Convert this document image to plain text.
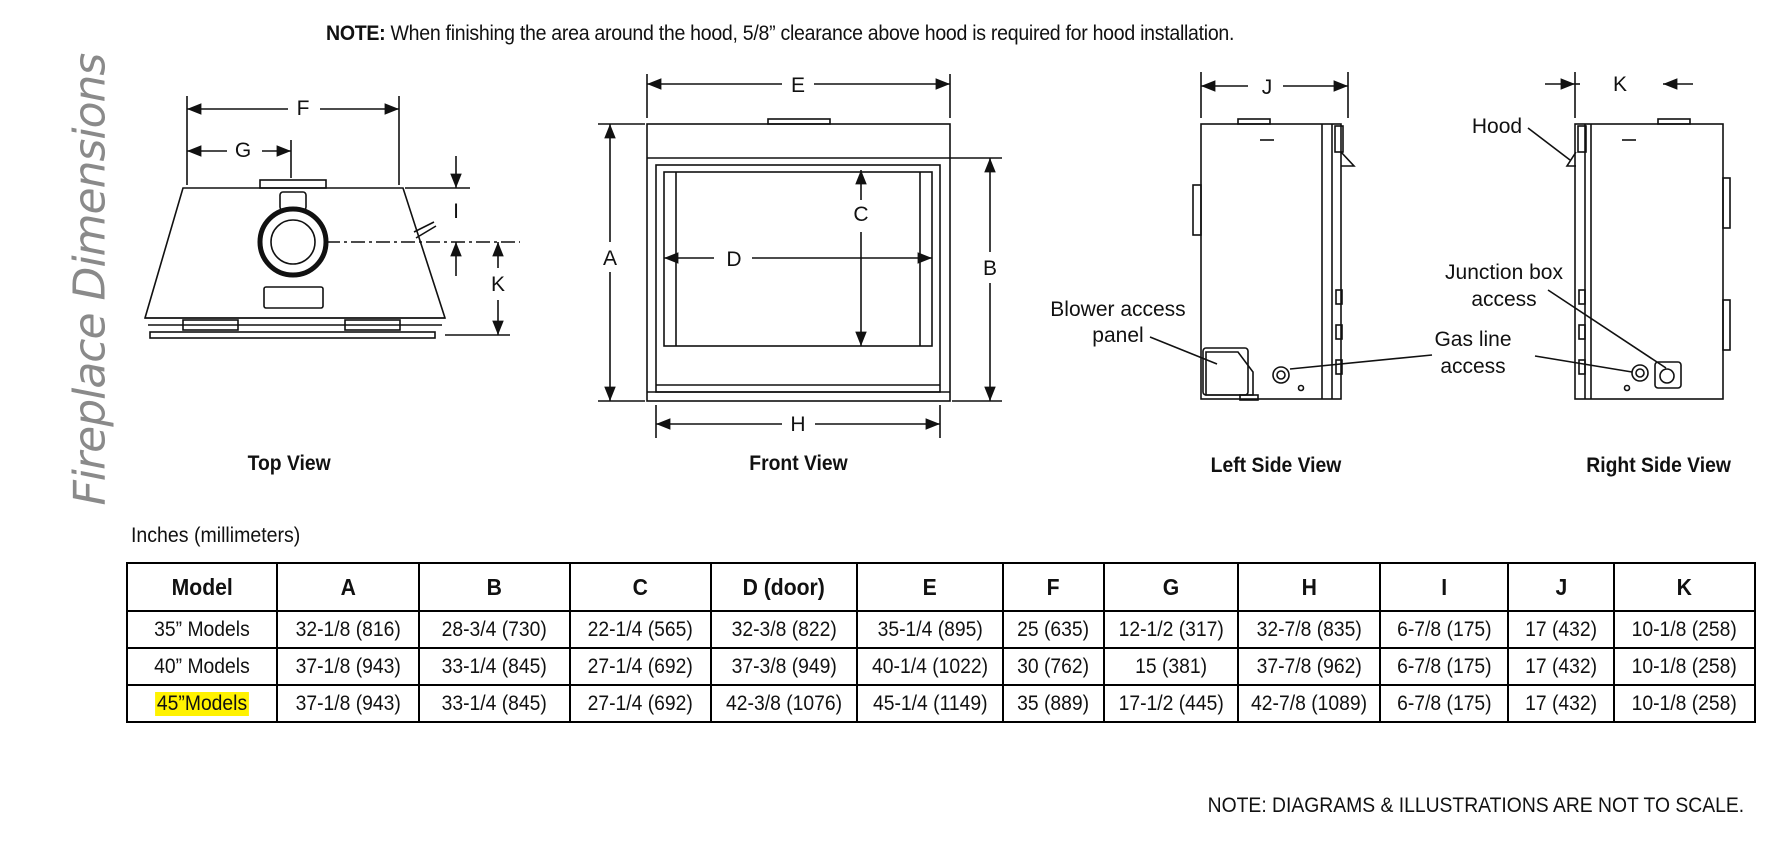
NOTE: When finishing the area around the hood, 5/8” clearance above hood is required for hood installation.
Fireplace Dimensions	F
G
I
K
E
A	B
C
D
H
J	K
Blower access
panel
Hood
Junction box
access
Gas line
access
Top View	Front View	Left Side View	Right Side View
Inches (millimeters)
Model	A	B	C	D (door)	E	F	G	H	I	J	K
35” Models	32-1/8 (816)	28-3/4 (730)	22-1/4 (565)	32-3/8 (822)	35-1/4 (895)	25 (635)	12-1/2 (317)	32-7/8 (835)	6-7/8 (175)	17 (432)	10-1/8 (258)
40” Models	37-1/8 (943)	33-1/4 (845)	27-1/4 (692)	37-3/8 (949)	40-1/4 (1022)	30 (762)	15 (381)	37-7/8 (962)	6-7/8 (175)	17 (432)	10-1/8 (258)
45”Models	37-1/8 (943)	33-1/4 (845)	27-1/4 (692)	42-3/8 (1076)	45-1/4 (1149)	35 (889)	17-1/2 (445)	42-7/8 (1089)	6-7/8 (175)	17 (432)	10-1/8 (258)
NOTE: DIAGRAMS & ILLUSTRATIONS ARE NOT TO SCALE.
